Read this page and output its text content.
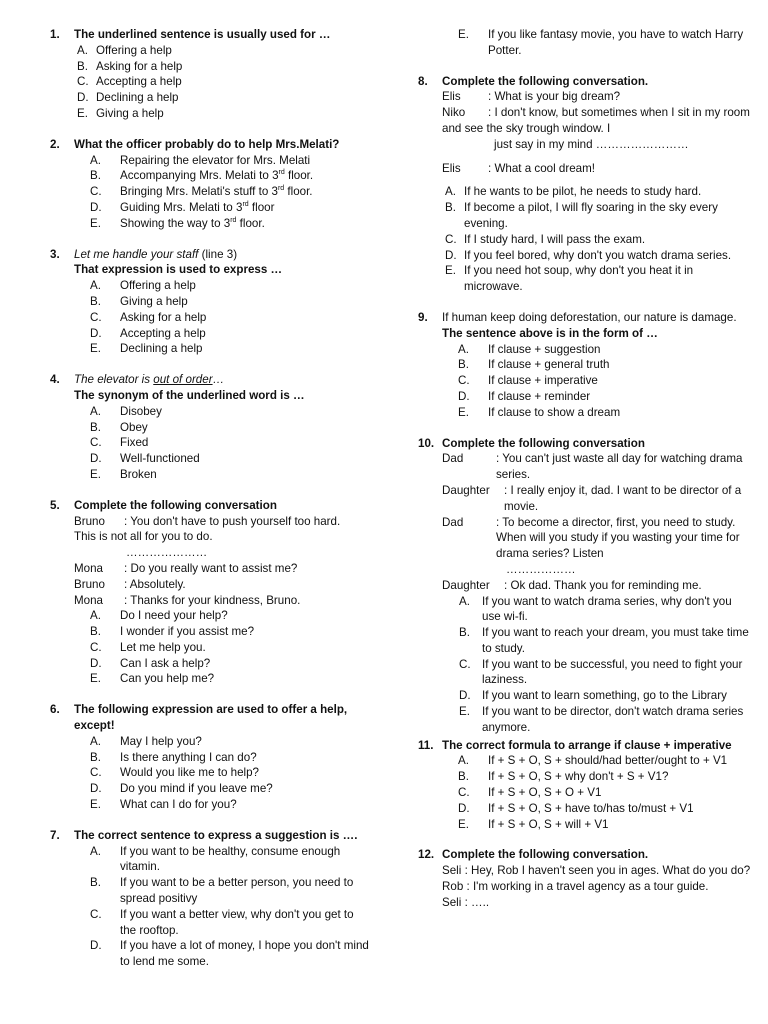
1. The underlined sentence is usually used for …
A. Offering a help
B. Asking for a help
C. Accepting a help
D. Declining a help
E. Giving a help
2. What the officer probably do to help Mrs.Melati?
A. Repairing the elevator for Mrs. Melati
B. Accompanying Mrs. Melati to 3rd floor.
C. Bringing Mrs. Melati's stuff to 3rd floor.
D. Guiding Mrs. Melati to 3rd floor
E. Showing the way to 3rd floor.
3. Let me handle your staff (line 3)
That expression is used to express …
A. Offering a help
B. Giving a help
C. Asking for a help
D. Accepting a help
E. Declining a help
4. The elevator is out of order…
The synonym of the underlined word is …
A. Disobey
B. Obey
C. Fixed
D. Well-functioned
E. Broken
5. Complete the following conversation
Bruno	: You don't have to push yourself too hard.
This is not all for you to do.
…………………
Mona	: Do you really want to assist me?
Bruno	: Absolutely.
Mona	: Thanks for your kindness, Bruno.
A. Do I need your help?
B. I wonder if you assist me?
C. Let me help you.
D. Can I ask a help?
E. Can you help me?
6. The following expression are used to offer a help, except!
A. May I help you?
B. Is there anything I can do?
C. Would you like me to help?
D. Do you mind if you leave me?
E. What can I do for you?
7. The correct sentence to express a suggestion is ….
A. If you want to be healthy, consume enough vitamin.
B. If you want to be a better person, you need to spread positivy
C. If you want a better view, why don't you get to the rooftop.
D. If you have a lot of money, I hope you don't mind to lend me some.
E. If you like fantasy movie, you have to watch Harry Potter.
8. Complete the following conversation.
Elis	: What is your big dream?
Niko	: I don't know, but sometimes when I sit in my room and see the sky trough window. I
just say in my mind ……………………
Elis	: What a cool dream!
A. If he wants to be pilot, he needs to study hard.
B. If become a pilot, I will fly soaring in the sky every evening.
C. If I study hard, I will pass the exam.
D. If you feel bored, why don't you watch drama series.
E. If you need hot soup, why don't you heat it in microwave.
9. If human keep doing deforestation, our nature is damage.
The sentence above is in the form of …
A. If clause + suggestion
B. If clause + general truth
C. If clause + imperative
D. If clause + reminder
E. If clause to show a dream
10. Complete the following conversation
Dad	: You can't just waste all day for watching drama series.
Daughter	: I really enjoy it, dad. I want to be director of a movie.
Dad	: To become a director, first, you need to study. When will you study if you wasting your time for drama series? Listen
………………
Daughter	: Ok dad. Thank you for reminding me.
A. If you want to watch drama series, why don't you use wi-fi.
B. If you want to reach your dream, you must take time to study.
C. If you want to be successful, you need to fight your laziness.
D. If you want to learn something, go to the Library
E. If you want to be director, don't watch drama series anymore.
11. The correct formula to arrange if clause + imperative
A. If + S + O, S + should/had better/ought to + V1
B. If + S + O, S + why don't + S + V1?
C. If + S + O, S + O + V1
D. If + S + O, S + have to/has to/must + V1
E. If + S + O, S + will + V1
12. Complete the following conversation.
Seli : Hey, Rob I haven't seen you in ages. What do you do?
Rob : I'm working in a travel agency as a tour guide.
Seli : …..
